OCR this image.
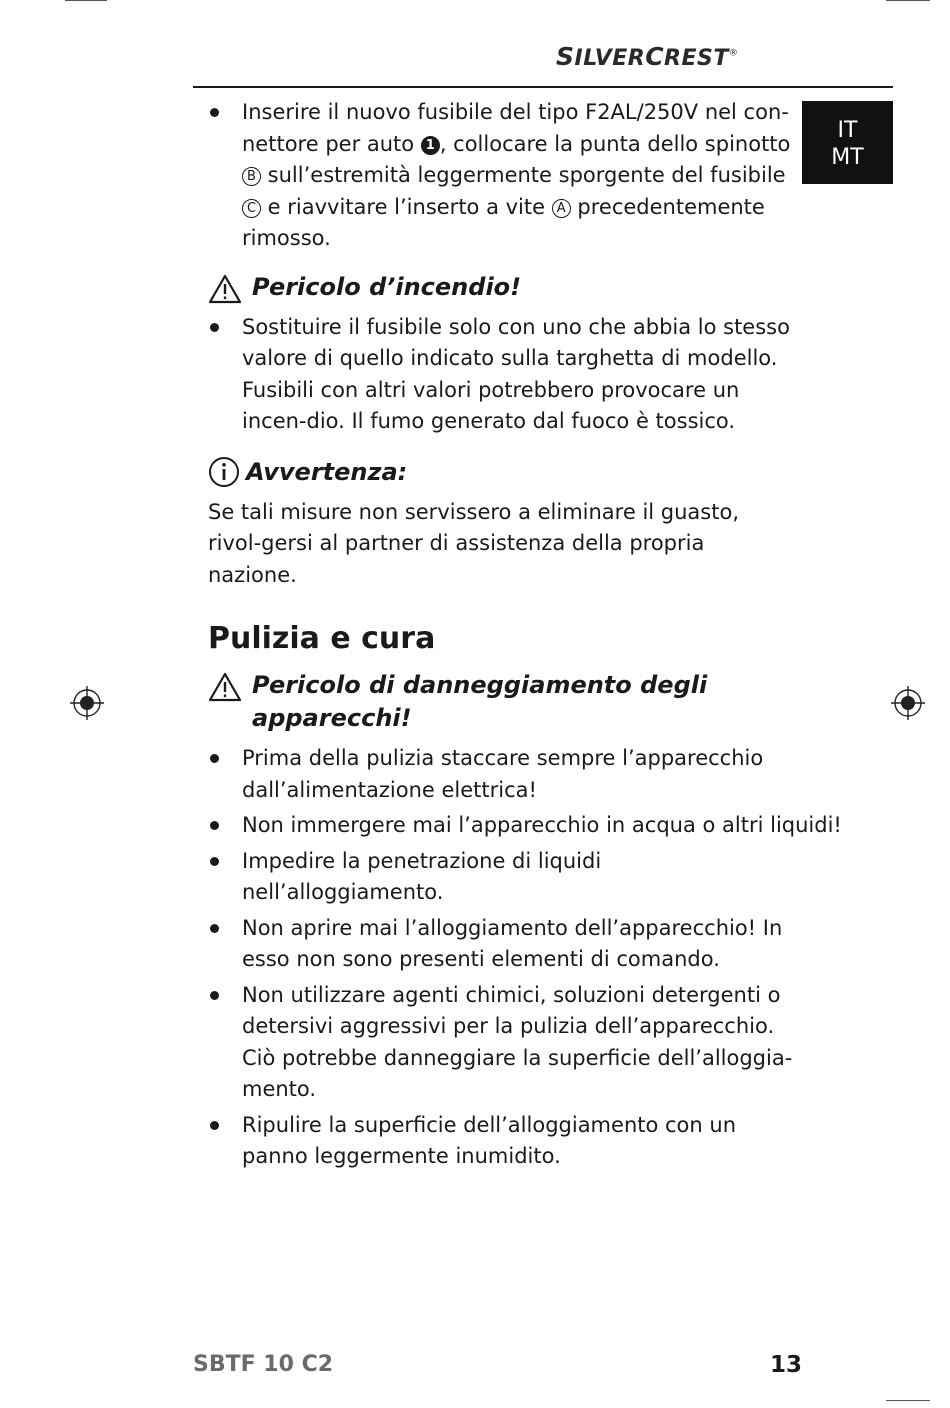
SILVERCREST®
IT
MT

Inserire il nuovo fusibile del tipo F2AL/250V nel con-nettore per auto 1 , collocare la punta dello spinotto B sull’estremità leggermente sporgente del fusibile C e riavvitare l’inserto a vite A precedentemente rimosso.

Pericolo d’incendio!

Sostituire il fusibile solo con uno che abbia lo stesso valore di quello indicato sulla targhetta di modello. Fusibili con altri valori potrebbero provocare un incen-dio. Il fumo generato dal fuoco è tossico.

Avvertenza:

Se tali misure non servissero a eliminare il guasto, rivol-gersi al partner di assistenza della propria nazione.

Pulizia e cura

Pericolo di danneggiamento degli
apparecchi!

Prima della pulizia staccare sempre l’apparecchio dall’alimentazione elettrica!

Non immergere mai l’apparecchio in acqua o altri liquidi!

Impedire la penetrazione di liquidi nell’alloggiamento.

Non aprire mai l’alloggiamento dell’apparecchio! In esso non sono presenti elementi di comando.

Non utilizzare agenti chimici, soluzioni detergenti o detersivi aggressivi per la pulizia dell’apparecchio. Ciò potrebbe danneggiare la superficie dell’alloggia-mento.

Ripulire la superficie dell’alloggiamento con un panno leggermente inumidito.

SBTF 10 C2	13
